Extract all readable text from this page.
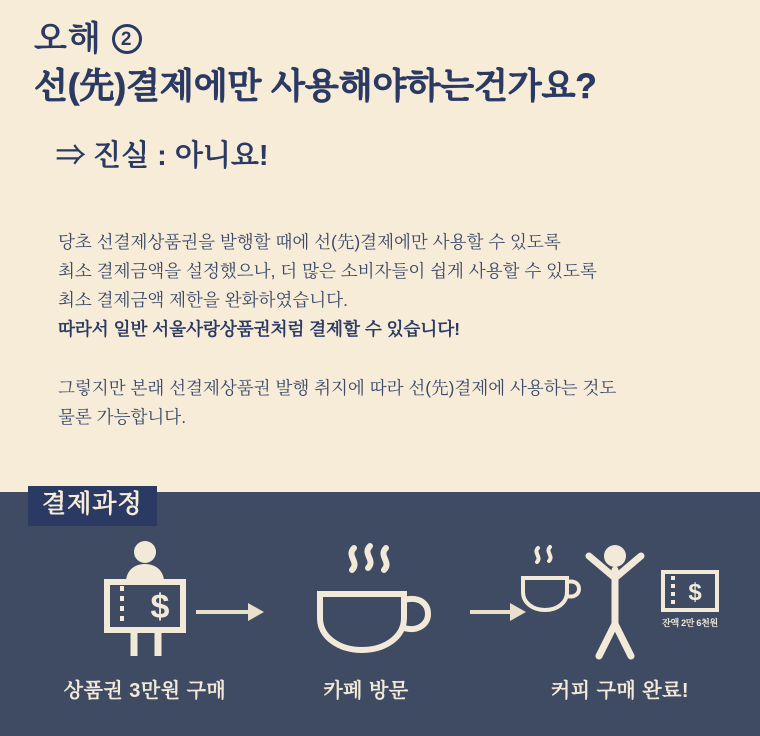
오해	2
선(先)결제에만 사용해야하는건가요?
⇒ 진실 : 아니요!

당초 선결제상품권을 발행할 때에 선(先)결제에만 사용할 수 있도록

최소 결제금액을 설정했으나, 더 많은 소비자들이 쉽게 사용할 수 있도록

최소 결제금액 제한을 완화하였습니다.

따라서 일반 서울사랑상품권처럼 결제할 수 있습니다!

그렇지만 본래 선결제상품권 발행 취지에 따라 선(先)결제에 사용하는 것도

물론 가능합니다.

결제과정
$
상품권 3만원 구매	카페 방문
$
잔액 2만 6천원
커피 구매 완료!
